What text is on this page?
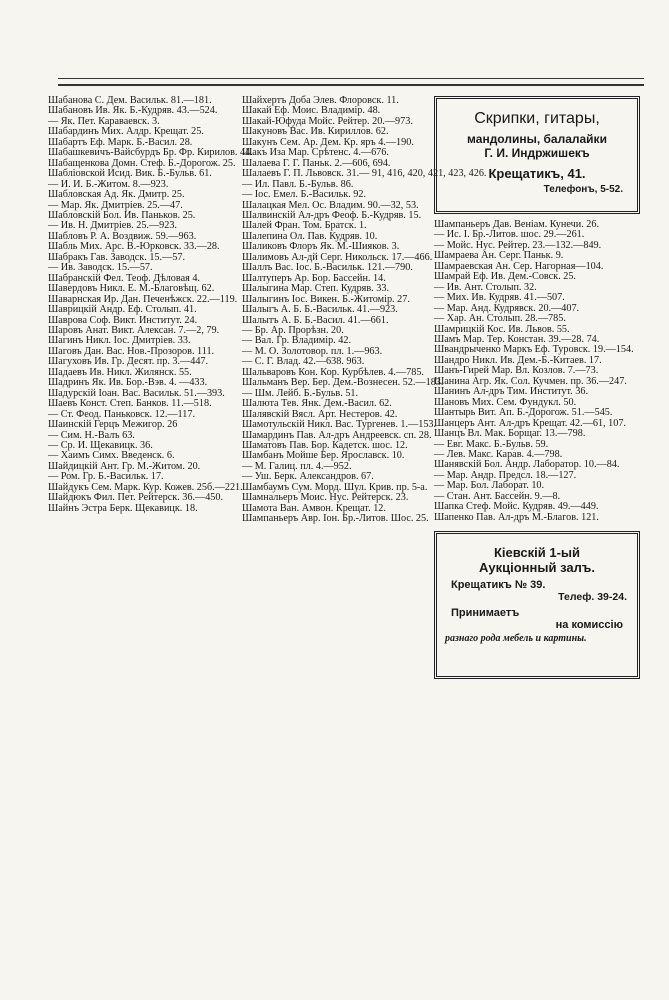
Шабанова С. Дем. Васильк. 81.—181.

Шабановъ Ив. Як. Б.-Кудряв. 43.—524.

— Як. Пет. Караваевск. 3.

Шабардинъ Мих. Алдр. Крещат. 25.

Шабартъ Еф. Марк. Б.-Васил. 28.

Шабашкевичъ-Вайсбурдъ Бр. Фр. Кирилов. 44.

Шабащенкова Домн. Стеф. Б.-Дорогож. 25.

Шабліовской Исид. Вик. Б.-Бульв. 61.

— И. И. Б.-Житом. 8.—923.

Шабловская Ад. Як. Дмитр. 25.

— Мар. Як. Дмитріев. 25.—47.

Шабловскій Бол. Ив. Паньков. 25.

— Ив. Н. Дмитріев. 25.—923.

Шабловъ Р. А. Воздвиж. 59.—963.

Шабль Мих. Арс. В.-Юрковск. 33.—28.

Шабракъ Гав. Заводск. 15.—57.

— Ив. Заводск. 15.—57.

Шабранскій Фел. Теоф. Дѣловая 4.

Шавердовъ Никл. Е. М.-Благовѣщ. 62.

Шаварнская Ир. Дан. Печенѣжск. 22.—119.

Шаврицкій Андр. Еф. Столып. 41.

Шаврова Соф. Викт. Институт. 24.

Шаровъ Анат. Викт. Алексан. 7.—2, 79.

Шагинъ Никл. Іос. Дмитріев. 33.

Шаговъ Дан. Вас. Нов.-Прозоров. 111.

Шагуховъ Ив. Гр. Десят. пр. 3.—447.

Шадаевъ Ив. Никл. Жилянск. 55.

Шадринъ Як. Ив. Бор.-Вэв. 4. —433.

Шадурскій Іоан. Вас. Васильк. 51.—393.

Шаевъ Конст. Степ. Банков. 11.—518.

— Ст. Феод. Паньковск. 12.—117.

Шаинскій Герцъ Межигор. 26

— Сим. Н.-Валъ 63.

— Ср. И. Щекавицк. 36.

— Хаимъ Симх. Введенск. 6.

Шайдицкій Ант. Гр. М.-Житом. 20.

— Ром. Гр. Б.-Васильк. 17.

Шайдукъ Сем. Марк. Кур. Кожев. 25б.—221.

Шайдюкъ Фил. Пет. Рейтерск. 36.—450.

Шайнъ Эстра Берк. Щекавицк. 18.

Шайхертъ Доба Элев. Флоровск. 11.

Шакай Еф. Моис. Владимір. 48.

Шакай-Юфуда Мойс. Рейтер. 20.—973.

Шакуновъ Вас. Ив. Кириллов. 62.

Шакунъ Сем. Ар. Дем. Кр. яръ 4.—190.

Шакъ Иза Мар. Срѣтенс. 4.—676.

Шалаева Г. Г. Паньк. 2.—606, 694.

Шалаевъ Г. П. Львовск. 31.— 91, 416, 420, 421, 423, 426.

— Ил. Павл. Б.-Бульв. 86.

— Іос. Емел. Б.-Васильк. 92.

Шалацкая Мел. Ос. Владим. 90.—32, 53.

Шалвинскій Ал-дръ Феоф. Б.-Кудряв. 15.

Шалей Фран. Том. Братск. 1.

Шалепина Ол. Пав. Кудряв. 10.

Шаликовъ Флоръ Як. М.-Шияков. 3.

Шалимовъ Ал-дй Серг. Никольск. 17.—466.

Шаллъ Вас. Іос. Б.-Васильк. 121.—790.

Шалтуперъ Ар. Бор. Бассейн. 14.

Шалыгина Мар. Степ. Кудряв. 33.

Шалыгинъ Іос. Викен. Б.-Житомір. 27.

Шалыгъ А. Б. Б.-Васильк. 41.—923.

Шалытъ А. Б. Б.-Васил. 41.—661.

— Бр. Ар. Прорѣзн. 20.

— Вал. Гр. Владимір. 42.

— М. О. Золотовор. пл. 1.—963.

— С. Г. Влад. 42.—638. 963.

Шальваровъ Кон. Кор. Курбѣлев. 4.—785.

Шальманъ Вер. Бер. Дем.-Вознесен. 52.—183.

— Шм. Лейб. Б.-Бульв. 51.

Шалюта Тев. Янк. Дем.-Васил. 62.

Шалявскій Вясл. Арт. Нестеров. 42.

Шамотульскій Никл. Вас. Тургенев. 1.—153.

Шамардинъ Пав. Ал-дръ Андреевск. сп. 28.

Шаматовъ Пав. Бор. Кадетск. шос. 12.

Шамбанъ Мойше Бер. Ярославск. 10.

— М. Галиц. пл. 4.—952.

— Уш. Берк. Александров. 67.

Шамбаумъ Сум. Морд. Шул. Крив. пр. 5-а.

Шамнальеръ Моис. Нус. Рейтерск. 23.

Шамота Ван. Амвон. Крещат. 12.

Шампаньеръ Авр. Іон. Бр.-Литов. Шос. 25.

Скрипки, гитары,
мандолины, балалайки
Г. И. Индржишекъ
Крещатикъ, 41.
Телефонъ, 5-52.

Шампаньеръ Дав. Веніам. Кунечи. 26.

— Ис. I. Бр.-Литов. шос. 29.—261.

— Мойс. Нус. Рейтер. 23.—132.—849.

Шамраева Ан. Серг. Паньк. 9.

Шамраевская Ан. Сер. Нагорная—104.

Шамрай Еф. Ив. Дем.-Совск. 25.

— Ив. Ант. Столып. 32.

— Мих. Ив. Кудряв. 41.—507.

— Мар. Анд. Кудрявск. 20.—407.

— Хар. Ан. Столып. 28.—785.

Шамрицкій Кос. Ив. Львов. 55.

Шамъ Мар. Тер. Констан. 39.—28. 74.

Швандрыченко Маркъ Еф. Туровск. 19.—154.

Шандро Никл. Ив. Дем.-Б.-Китаев. 17.

Шанъ-Гирей Мар. Вл. Козлов. 7.—73.

Шанина Агр. Як. Сол. Кучмен. пр. 36.—247.

Шанинъ Ал-дръ Тим. Институт. 36.

Шановъ Мих. Сем. Фундукл. 50.

Шантырь Вит. Ап. Б.-Дорогож. 51.—545.

Шанцеръ Ант. Ал-дръ Крещат. 42.—61, 107.

Шанцъ Вл. Мак. Борщаг. 13.—798.

— Евг. Макс. Б.-Бульв. 59.

— Лев. Макс. Карав. 4.—798.

Шанявскій Бол. Андр. Лаборатор. 10.—84.

— Мар. Андр. Предсл. 18.—127.

— Мар. Бол. Лаборат. 10.

— Стан. Ант. Бассейн. 9.—8.

Шапка Стеф. Мойс. Кудряв. 49.—449.

Шапенко Пав. Ал-дръ М.-Благов. 121.

Кіевскій 1-ый
Аукціонный залъ.
Крещатикъ № 39.
Телеф. 39-24.
Принимаетъ
на комиссію
разнаго рода мебель и картины.
